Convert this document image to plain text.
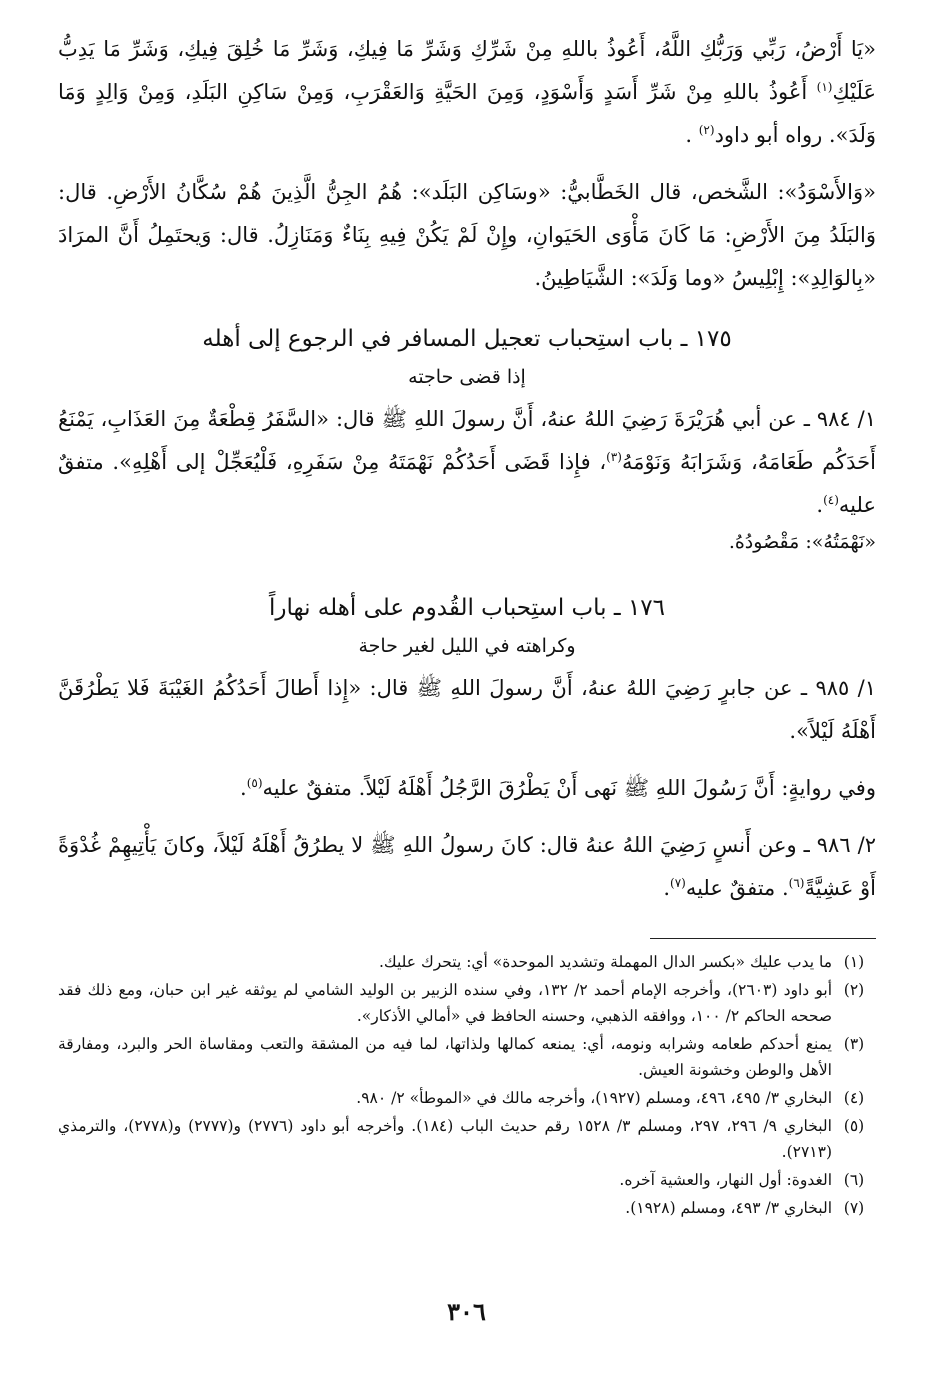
«يَا أَرْضُ، رَبِّي وَرَبُّكِ اللَّهُ، أَعُوذُ باللهِ مِنْ شَرِّكِ وَشَرِّ مَا فِيكِ، وَشَرِّ مَا خُلِقَ فِيكِ، وَشَرِّ مَا يَدِبُّ عَلَيْكِ$^{(١)}$ أَعُوذُ باللهِ مِنْ شَرِّ أَسَدٍ وَأَسْوَدٍ، وَمِنَ الحَيَّةِ وَالعَقْرَبِ، وَمِنْ سَاكِنِ البَلَدِ، وَمِنْ وَالِدٍ وَمَا وَلَدَ». رواه أبو داود$^{(٢)}$ .

«وَالأَسْوَدُ»: الشَّخص، قال الخَطَّابيُّ: «وسَاكِن البَلَد»: هُمُ الجِنُّ الَّذِينَ هُمْ سُكَّانُ الأَرْضِ. قال: وَالبَلَدُ مِنَ الأَرْضِ: مَا كَانَ مَأْوَى الحَيَوانِ، وإِنْ لَمْ يَكُنْ فِيهِ بِنَاءٌ وَمَنَازِلُ. قال: وَيحتَمِلُ أَنَّ المرَادَ «بِالوَالِدِ»: إِبْلِيسُ «وما وَلَدَ»: الشَّيَاطِينُ.

١٧٥ ـ باب استِحباب تعجيل المسافر في الرجوع إلى أهله

إذا قضى حاجته

١/ ٩٨٤ ـ عن أبي هُرَيْرَةَ رَضِيَ اللهُ عنهُ، أَنَّ رسولَ اللهِ ﷺ قال: «السَّفَرُ قِطْعَةٌ مِنَ العَذَابِ، يَمْنَعُ أَحَدَكُم طَعَامَهُ، وَشَرَابَهُ وَنَوْمَهُ$^{(٣)}$، فإِذا قَضَى أَحَدُكُمْ نَهْمَتَهُ مِنْ سَفَرِهِ، فَلْيُعَجِّلْ إلى أَهْلِهِ». متفقٌ عليه$^{(٤)}$.

«نَهْمَتُهُ»: مَقْصُودُهُ.

١٧٦ ـ باب استِحباب القُدوم على أهله نهاراً

وكراهته في الليل لغير حاجة

١/ ٩٨٥ ـ عن جابرٍ رَضِيَ اللهُ عنهُ، أَنَّ رسولَ اللهِ ﷺ قال: «إِذا أَطالَ أَحَدُكُمُ الغَيْبَةَ فَلا يَطْرُقَنَّ أَهْلَهُ لَيْلاً».

وفي روايةٍ: أَنَّ رَسُولَ اللهِ ﷺ نَهى أَنْ يَطْرُقَ الرَّجُلُ أَهْلَهُ لَيْلاً. متفقٌ عليه$^{(٥)}$.

٢/ ٩٨٦ ـ وعن أَنسٍ رَضِيَ اللهُ عنهُ قال: كانَ رسولُ اللهِ ﷺ لا يطرُقُ أَهْلَهُ لَيْلاً، وكانَ يَأْتِيهِمْ غُدْوَةً أَوْ عَشِيَّةً$^{(٦)}$. متفقٌ عليه$^{(٧)}$.

(١)
ما يدب عليك «بكسر الدال المهملة وتشديد الموحدة» أي: يتحرك عليك.
(٢)
أبو داود (٢٦٠٣)، وأخرجه الإمام أحمد ٢/ ١٣٢، وفي سنده الزبير بن الوليد الشامي لم يوثقه غير ابن حبان، ومع ذلك فقد صححه الحاكم ٢/ ١٠٠، ووافقه الذهبي، وحسنه الحافظ في «أمالي الأذكار».
(٣)
يمنع أحدكم طعامه وشرابه ونومه، أي: يمنعه كمالها ولذاتها، لما فيه من المشقة والتعب ومقاساة الحر والبرد، ومفارقة الأهل والوطن وخشونة العيش.
(٤)
البخاري ٣/ ٤٩٥، ٤٩٦، ومسلم (١٩٢٧)، وأخرجه مالك في «الموطأ» ٢/ ٩٨٠.
(٥)
البخاري ٩/ ٢٩٦، ٢٩٧، ومسلم ٣/ ١٥٢٨ رقم حديث الباب (١٨٤). وأخرجه أبو داود (٢٧٧٦) و(٢٧٧٧) و(٢٧٧٨)، والترمذي (٢٧١٣).
(٦)
الغدوة: أول النهار، والعشية آخره.
(٧)
البخاري ٣/ ٤٩٣، ومسلم (١٩٢٨).
٣٠٦
